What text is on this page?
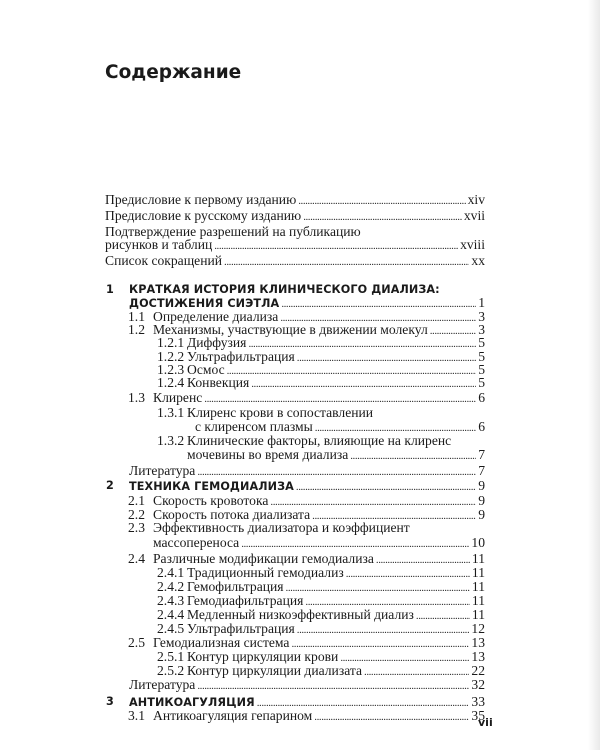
Содержание
Предисловие к первому изданию . . .	xiv
Предисловие к русскому изданию . . .	xvii
Подтверждение разрешений на публикацию
рисунков и таблиц . . .	xviii
Список сокращений . . .	xx
1 КРАТКАЯ ИСТОРИЯ КЛИНИЧЕСКОГО ДИАЛИЗА:
ДОСТИЖЕНИЯ СИЭТЛА . . .	1
1.1 Определение диализа . . .	3
1.2 Механизмы, участвующие в движении молекул . . .	3
1.2.1 Диффузия . . .	5
1.2.2 Ультрафильтрация . . .	5
1.2.3 Осмос . . .	5
1.2.4 Конвекция . . .	5
1.3 Клиренс . . .	6
1.3.1 Клиренс крови в сопоставлении
с клиренсом плазмы . . .	6
1.3.2 Клинические факторы, влияющие на клиренс
мочевины во время диализа . . .	7
Литература . . .	7
2 ТЕХНИКА ГЕМОДИАЛИЗА . . .	9
2.1 Скорость кровотока . . .	9
2.2 Скорость потока диализата . . .	9
2.3 Эффективность диализатора и коэффициент
массопереноса . . .	10
2.4 Различные модификации гемодиализа . . .	11
2.4.1 Традиционный гемодиализ . . .	11
2.4.2 Гемофильтрация . . .	11
2.4.3 Гемодиафильтрация . . .	11
2.4.4 Медленный низкоэффективный диализ . . .	11
2.4.5 Ультрафильтрация . . .	12
2.5 Гемодиализная система . . .	13
2.5.1 Контур циркуляции крови . . .	13
2.5.2 Контур циркуляции диализата . . .	22
Литература . . .	32
3 АНТИКОАГУЛЯЦИЯ . . .	33
3.1 Антикоагуляция гепарином . . .	35
vii
